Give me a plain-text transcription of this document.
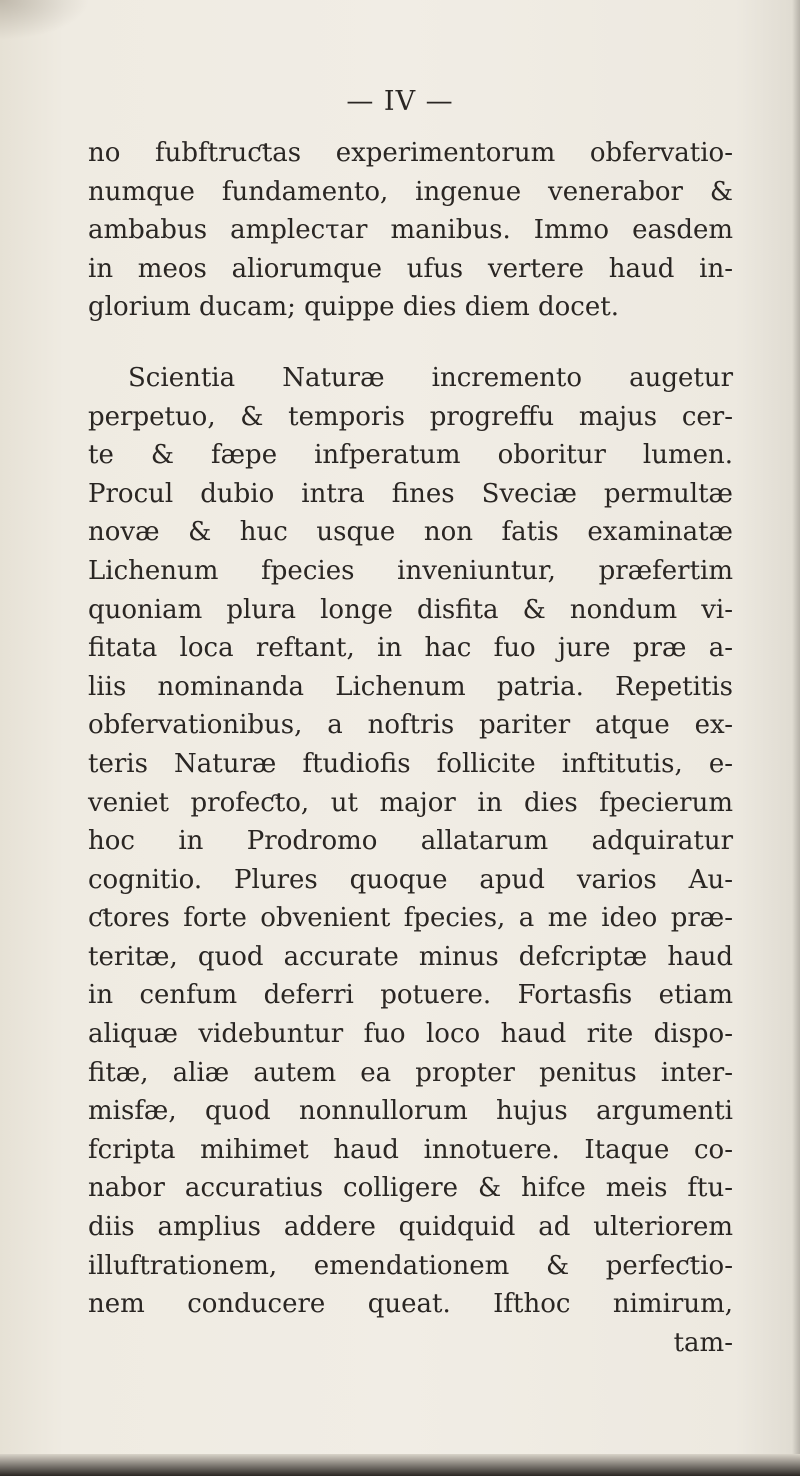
— IV —
no fubftruƈtas experimentorum obfervatio-
numque fundamento, ingenue venerabor &
ambabus amplecτar manibus. Immo easdem
in meos aliorumque ufus vertere haud in-
glorium ducam; quippe dies diem docet.
Scientia Naturæ incremento augetur
perpetuo, & temporis progreffu majus cer-
te & fæpe infperatum oboritur lumen.
Procul dubio intra fines Sveciæ permultæ
novæ & huc usque non fatis examinatæ
Lichenum fpecies inveniuntur, præfertim
quoniam plura longe disfita & nondum vi-
fitata loca reftant, in hac fuo jure præ a-
liis nominanda Lichenum patria. Repetitis
obfervationibus, a noftris pariter atque ex-
teris Naturæ ftudiofis follicite inftitutis, e-
veniet profeƈto, ut major in dies fpecierum
hoc in Prodromo allatarum adquiratur
cognitio. Plures quoque apud varios Au-
ƈtores forte obvenient fpecies, a me ideo præ-
teritæ, quod accurate minus defcriptæ haud
in cenfum deferri potuere. Fortasfis etiam
aliquæ videbuntur fuo loco haud rite dispo-
fitæ, aliæ autem ea propter penitus inter-
misfæ, quod nonnullorum hujus argumenti
fcripta mihimet haud innotuere. Itaque co-
nabor accuratius colligere & hifce meis ftu-
diis amplius addere quidquid ad ulteriorem
illuftrationem, emendationem & perfeƈtio-
nem conducere queat. Ifthoc nimirum,
tam-
